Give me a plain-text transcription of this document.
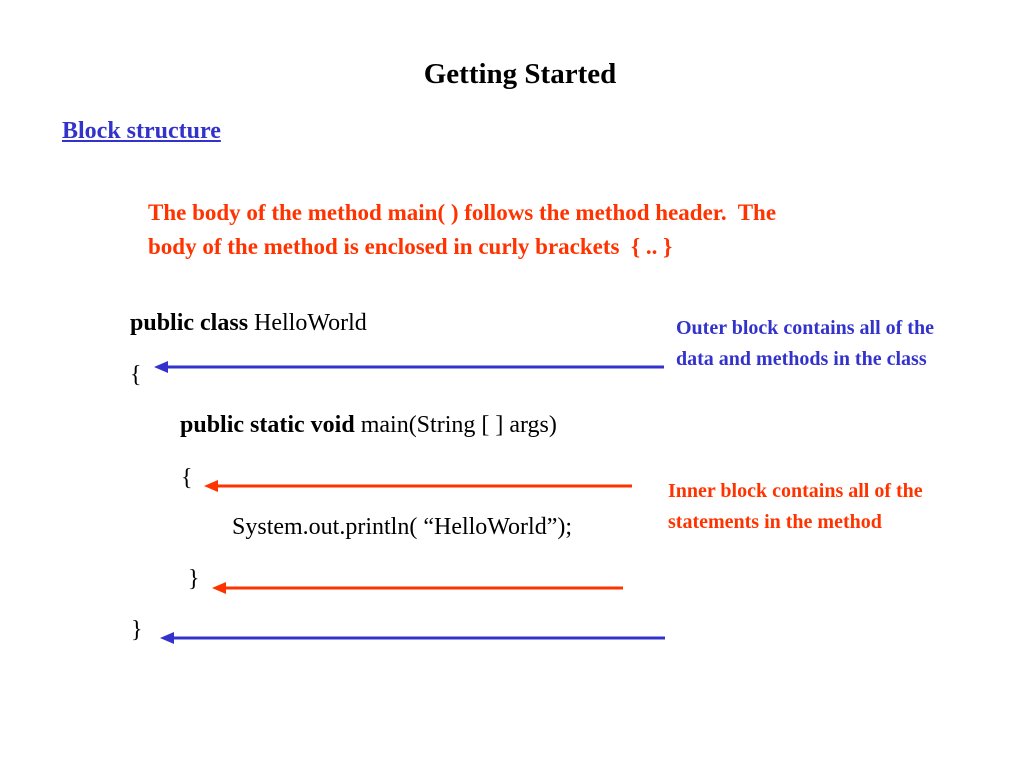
Getting Started
Block structure
The body of the method main( ) follows the method header.  The
body of the method is enclosed in curly brackets  { .. }
public class HelloWorld
{
public static void main(String [ ] args)
{
System.out.println( “HelloWorld”);
}
}
Outer block contains all of the
data and methods in the class
Inner block contains all of the
statements in the method
